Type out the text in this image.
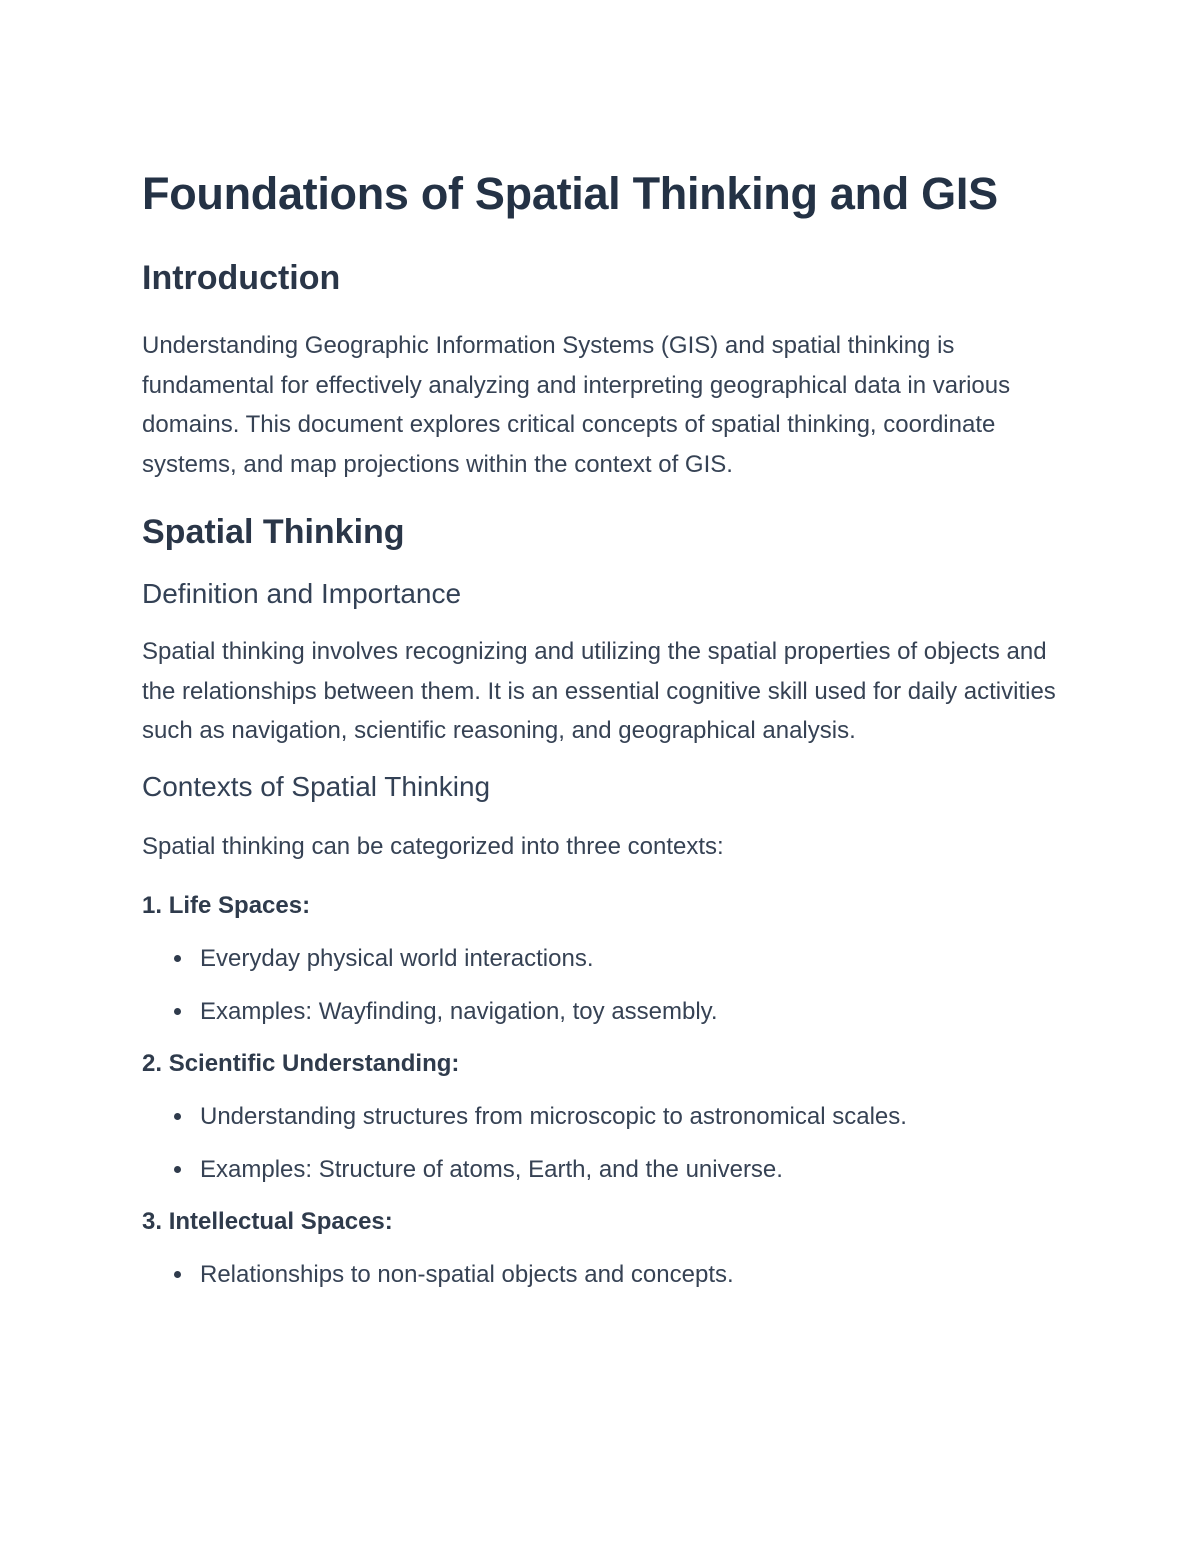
Foundations of Spatial Thinking and GIS
Introduction

Understanding Geographic Information Systems (GIS) and spatial thinking is fundamental for effectively analyzing and interpreting geographical data in various domains. This document explores critical concepts of spatial thinking, coordinate systems, and map projections within the context of GIS.

Spatial Thinking
Definition and Importance

Spatial thinking involves recognizing and utilizing the spatial properties of objects and the relationships between them. It is an essential cognitive skill used for daily activities such as navigation, scientific reasoning, and geographical analysis.

Contexts of Spatial Thinking

Spatial thinking can be categorized into three contexts:

1. Life Spaces:
Everyday physical world interactions.
Examples: Wayfinding, navigation, toy assembly.
2. Scientific Understanding:
Understanding structures from microscopic to astronomical scales.
Examples: Structure of atoms, Earth, and the universe.
3. Intellectual Spaces:
Relationships to non-spatial objects and concepts.
